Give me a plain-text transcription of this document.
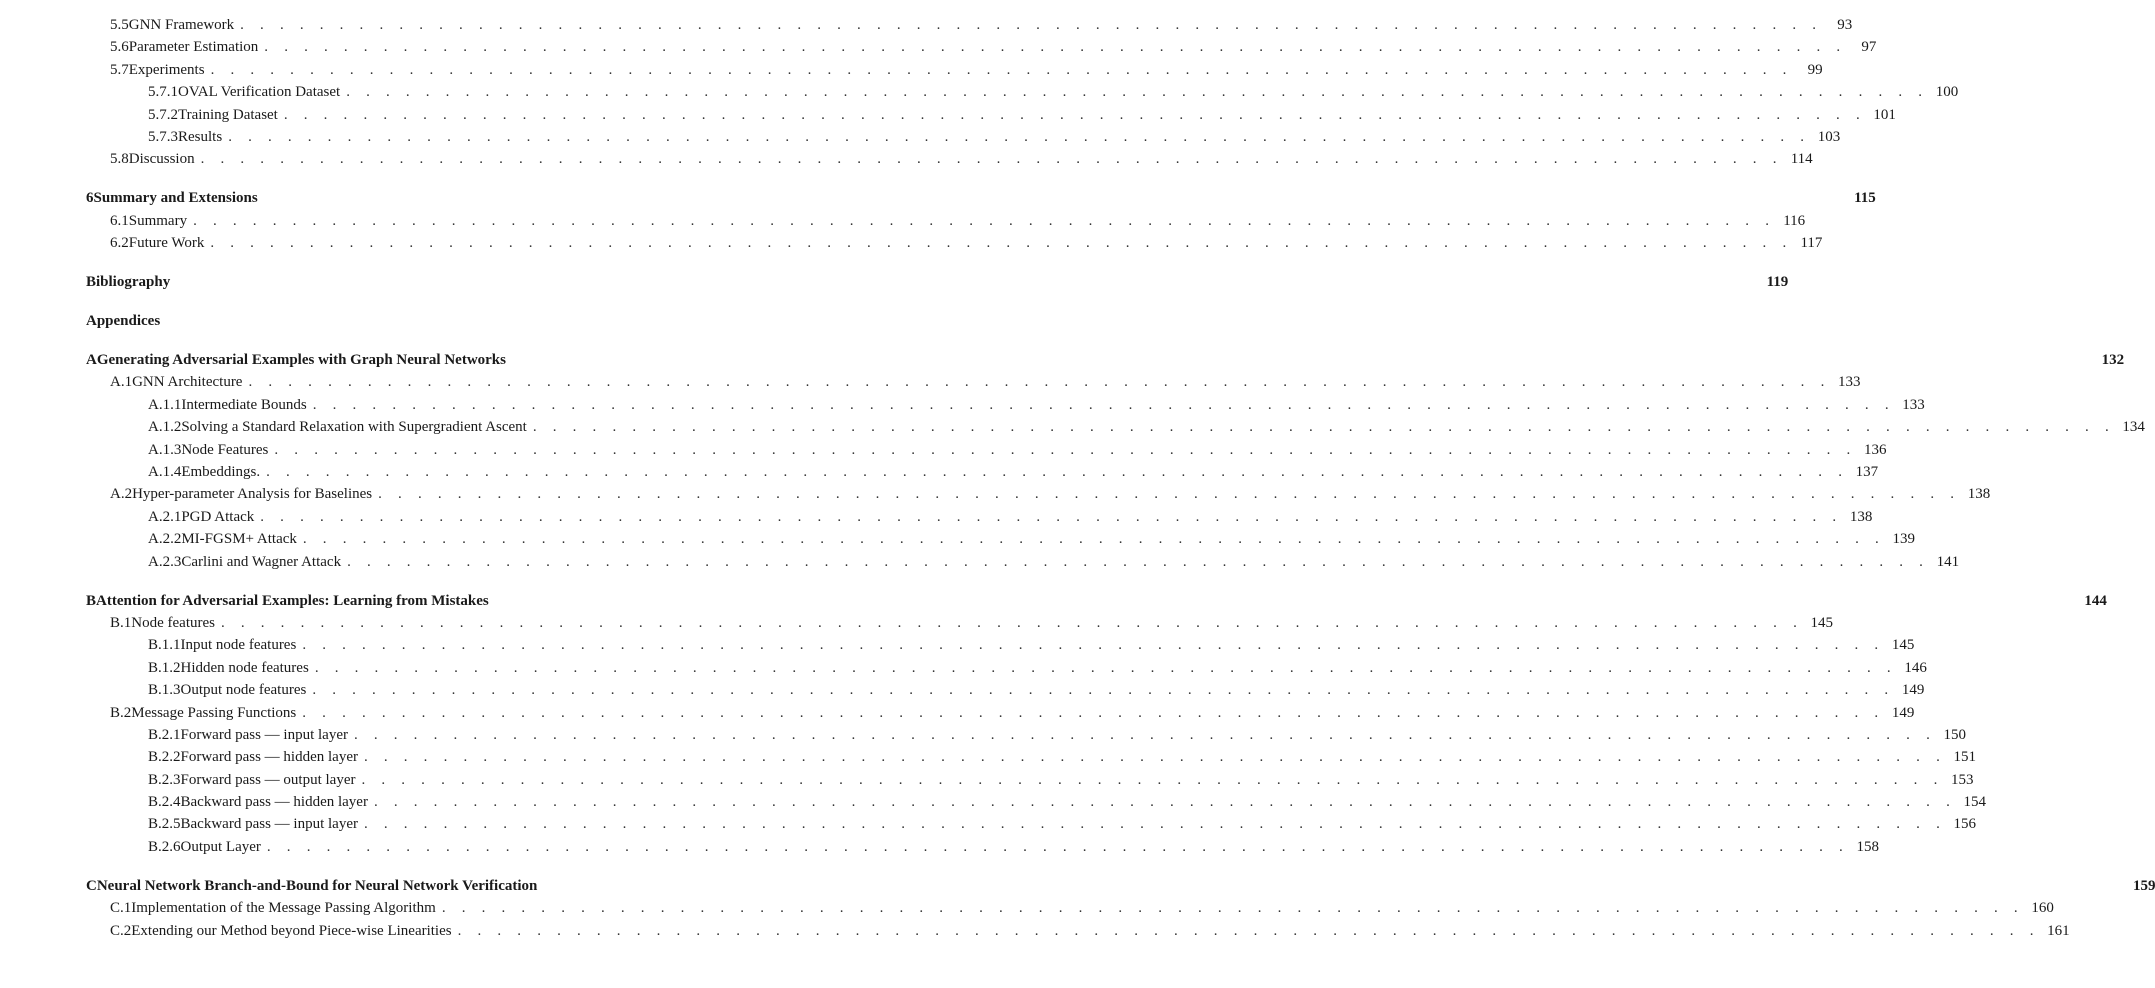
5.5 GNN Framework . . . . . . . . . . . . . . . . . . . . . . . . . . . . . . . . . . . . . . . . . . . . . . . . . . . . . . . . . . . . . . . . . . . . . . . . . . . . . . . .	93
5.6 Parameter Estimation . . . . . . . . . . . . . . . . . . . . . . . . . . . . . . . . . . . . . . . . . . . . . . . . . . . . . . . . . . . . . . . . . . . . . . . . . . . . . . . .	97
5.7 Experiments . . . . . . . . . . . . . . . . . . . . . . . . . . . . . . . . . . . . . . . . . . . . . . . . . . . . . . . . . . . . . . . . . . . . . . . . . . . . . . . .	99
5.7.1 OVAL Verification Dataset . . . . . . . . . . . . . . . . . . . . . . . . . . . . . . . . . . . . . . . . . . . . . . . . . . . . . . . . . . . . . . . . . . . . . . . . . . . . . . . . 100
5.7.2 Training Dataset . . . . . . . . . . . . . . . . . . . . . . . . . . . . . . . . . . . . . . . . . . . . . . . . . . . . . . . . . . . . . . . . . . . . . . . . . . . . . . . . 101
5.7.3 Results . . . . . . . . . . . . . . . . . . . . . . . . . . . . . . . . . . . . . . . . . . . . . . . . . . . . . . . . . . . . . . . . . . . . . . . . . . . . . . . . 103
5.8 Discussion . . . . . . . . . . . . . . . . . . . . . . . . . . . . . . . . . . . . . . . . . . . . . . . . . . . . . . . . . . . . . . . . . . . . . . . . . . . . . . . . 114
6 Summary and Extensions	115
6.1 Summary . . . . . . . . . . . . . . . . . . . . . . . . . . . . . . . . . . . . . . . . . . . . . . . . . . . . . . . . . . . . . . . . . . . . . . . . . . . . . . . . 116
6.2 Future Work . . . . . . . . . . . . . . . . . . . . . . . . . . . . . . . . . . . . . . . . . . . . . . . . . . . . . . . . . . . . . . . . . . . . . . . . . . . . . . . . 117
Bibliography	119
Appendices
A Generating Adversarial Examples with Graph Neural Networks	132
A.1 GNN Architecture . . . . . . . . . . . . . . . . . . . . . . . . . . . . . . . . . . . . . . . . . . . . . . . . . . . . . . . . . . . . . . . . . . . . . . . . . . . . . . . . 133
A.1.1 Intermediate Bounds . . . . . . . . . . . . . . . . . . . . . . . . . . . . . . . . . . . . . . . . . . . . . . . . . . . . . . . . . . . . . . . . . . . . . . . . . . . . . . . . 133
A.1.2 Solving a Standard Relaxation with Supergradient Ascent . . . . . . . . . . . . . . . . . . . . . . . . . . . . . . . . . . . . . . . . . . . . . . . . . . . . . . . . . . . . . . . . . . . . . . . . . . . . . . . . 134
A.1.3 Node Features . . . . . . . . . . . . . . . . . . . . . . . . . . . . . . . . . . . . . . . . . . . . . . . . . . . . . . . . . . . . . . . . . . . . . . . . . . . . . . . . 136
A.1.4 Embeddings. . . . . . . . . . . . . . . . . . . . . . . . . . . . . . . . . . . . . . . . . . . . . . . . . . . . . . . . . . . . . . . . . . . . . . . . . . . . . . . . . 137
A.2 Hyper-parameter Analysis for Baselines . . . . . . . . . . . . . . . . . . . . . . . . . . . . . . . . . . . . . . . . . . . . . . . . . . . . . . . . . . . . . . . . . . . . . . . . . . . . . . . . 138
A.2.1 PGD Attack . . . . . . . . . . . . . . . . . . . . . . . . . . . . . . . . . . . . . . . . . . . . . . . . . . . . . . . . . . . . . . . . . . . . . . . . . . . . . . . . 138
A.2.2 MI-FGSM+ Attack . . . . . . . . . . . . . . . . . . . . . . . . . . . . . . . . . . . . . . . . . . . . . . . . . . . . . . . . . . . . . . . . . . . . . . . . . . . . . . . . 139
A.2.3 Carlini and Wagner Attack . . . . . . . . . . . . . . . . . . . . . . . . . . . . . . . . . . . . . . . . . . . . . . . . . . . . . . . . . . . . . . . . . . . . . . . . . . . . . . . . 141
B Attention for Adversarial Examples: Learning from Mistakes	144
B.1 Node features . . . . . . . . . . . . . . . . . . . . . . . . . . . . . . . . . . . . . . . . . . . . . . . . . . . . . . . . . . . . . . . . . . . . . . . . . . . . . . . . 145
B.1.1 Input node features . . . . . . . . . . . . . . . . . . . . . . . . . . . . . . . . . . . . . . . . . . . . . . . . . . . . . . . . . . . . . . . . . . . . . . . . . . . . . . . . 145
B.1.2 Hidden node features . . . . . . . . . . . . . . . . . . . . . . . . . . . . . . . . . . . . . . . . . . . . . . . . . . . . . . . . . . . . . . . . . . . . . . . . . . . . . . . . 146
B.1.3 Output node features . . . . . . . . . . . . . . . . . . . . . . . . . . . . . . . . . . . . . . . . . . . . . . . . . . . . . . . . . . . . . . . . . . . . . . . . . . . . . . . . 149
B.2 Message Passing Functions . . . . . . . . . . . . . . . . . . . . . . . . . . . . . . . . . . . . . . . . . . . . . . . . . . . . . . . . . . . . . . . . . . . . . . . . . . . . . . . . 149
B.2.1 Forward pass — input layer . . . . . . . . . . . . . . . . . . . . . . . . . . . . . . . . . . . . . . . . . . . . . . . . . . . . . . . . . . . . . . . . . . . . . . . . . . . . . . . . 150
B.2.2 Forward pass — hidden layer . . . . . . . . . . . . . . . . . . . . . . . . . . . . . . . . . . . . . . . . . . . . . . . . . . . . . . . . . . . . . . . . . . . . . . . . . . . . . . . . 151
B.2.3 Forward pass — output layer . . . . . . . . . . . . . . . . . . . . . . . . . . . . . . . . . . . . . . . . . . . . . . . . . . . . . . . . . . . . . . . . . . . . . . . . . . . . . . . . 153
B.2.4 Backward pass — hidden layer . . . . . . . . . . . . . . . . . . . . . . . . . . . . . . . . . . . . . . . . . . . . . . . . . . . . . . . . . . . . . . . . . . . . . . . . . . . . . . . . 154
B.2.5 Backward pass — input layer . . . . . . . . . . . . . . . . . . . . . . . . . . . . . . . . . . . . . . . . . . . . . . . . . . . . . . . . . . . . . . . . . . . . . . . . . . . . . . . . 156
B.2.6 Output Layer . . . . . . . . . . . . . . . . . . . . . . . . . . . . . . . . . . . . . . . . . . . . . . . . . . . . . . . . . . . . . . . . . . . . . . . . . . . . . . . . 158
C Neural Network Branch-and-Bound for Neural Network Verification	159
C.1 Implementation of the Message Passing Algorithm . . . . . . . . . . . . . . . . . . . . . . . . . . . . . . . . . . . . . . . . . . . . . . . . . . . . . . . . . . . . . . . . . . . . . . . . . . . . . . . . 160
C.2 Extending our Method beyond Piece-wise Linearities . . . . . . . . . . . . . . . . . . . . . . . . . . . . . . . . . . . . . . . . . . . . . . . . . . . . . . . . . . . . . . . . . . . . . . . . . . . . . . . . 161
